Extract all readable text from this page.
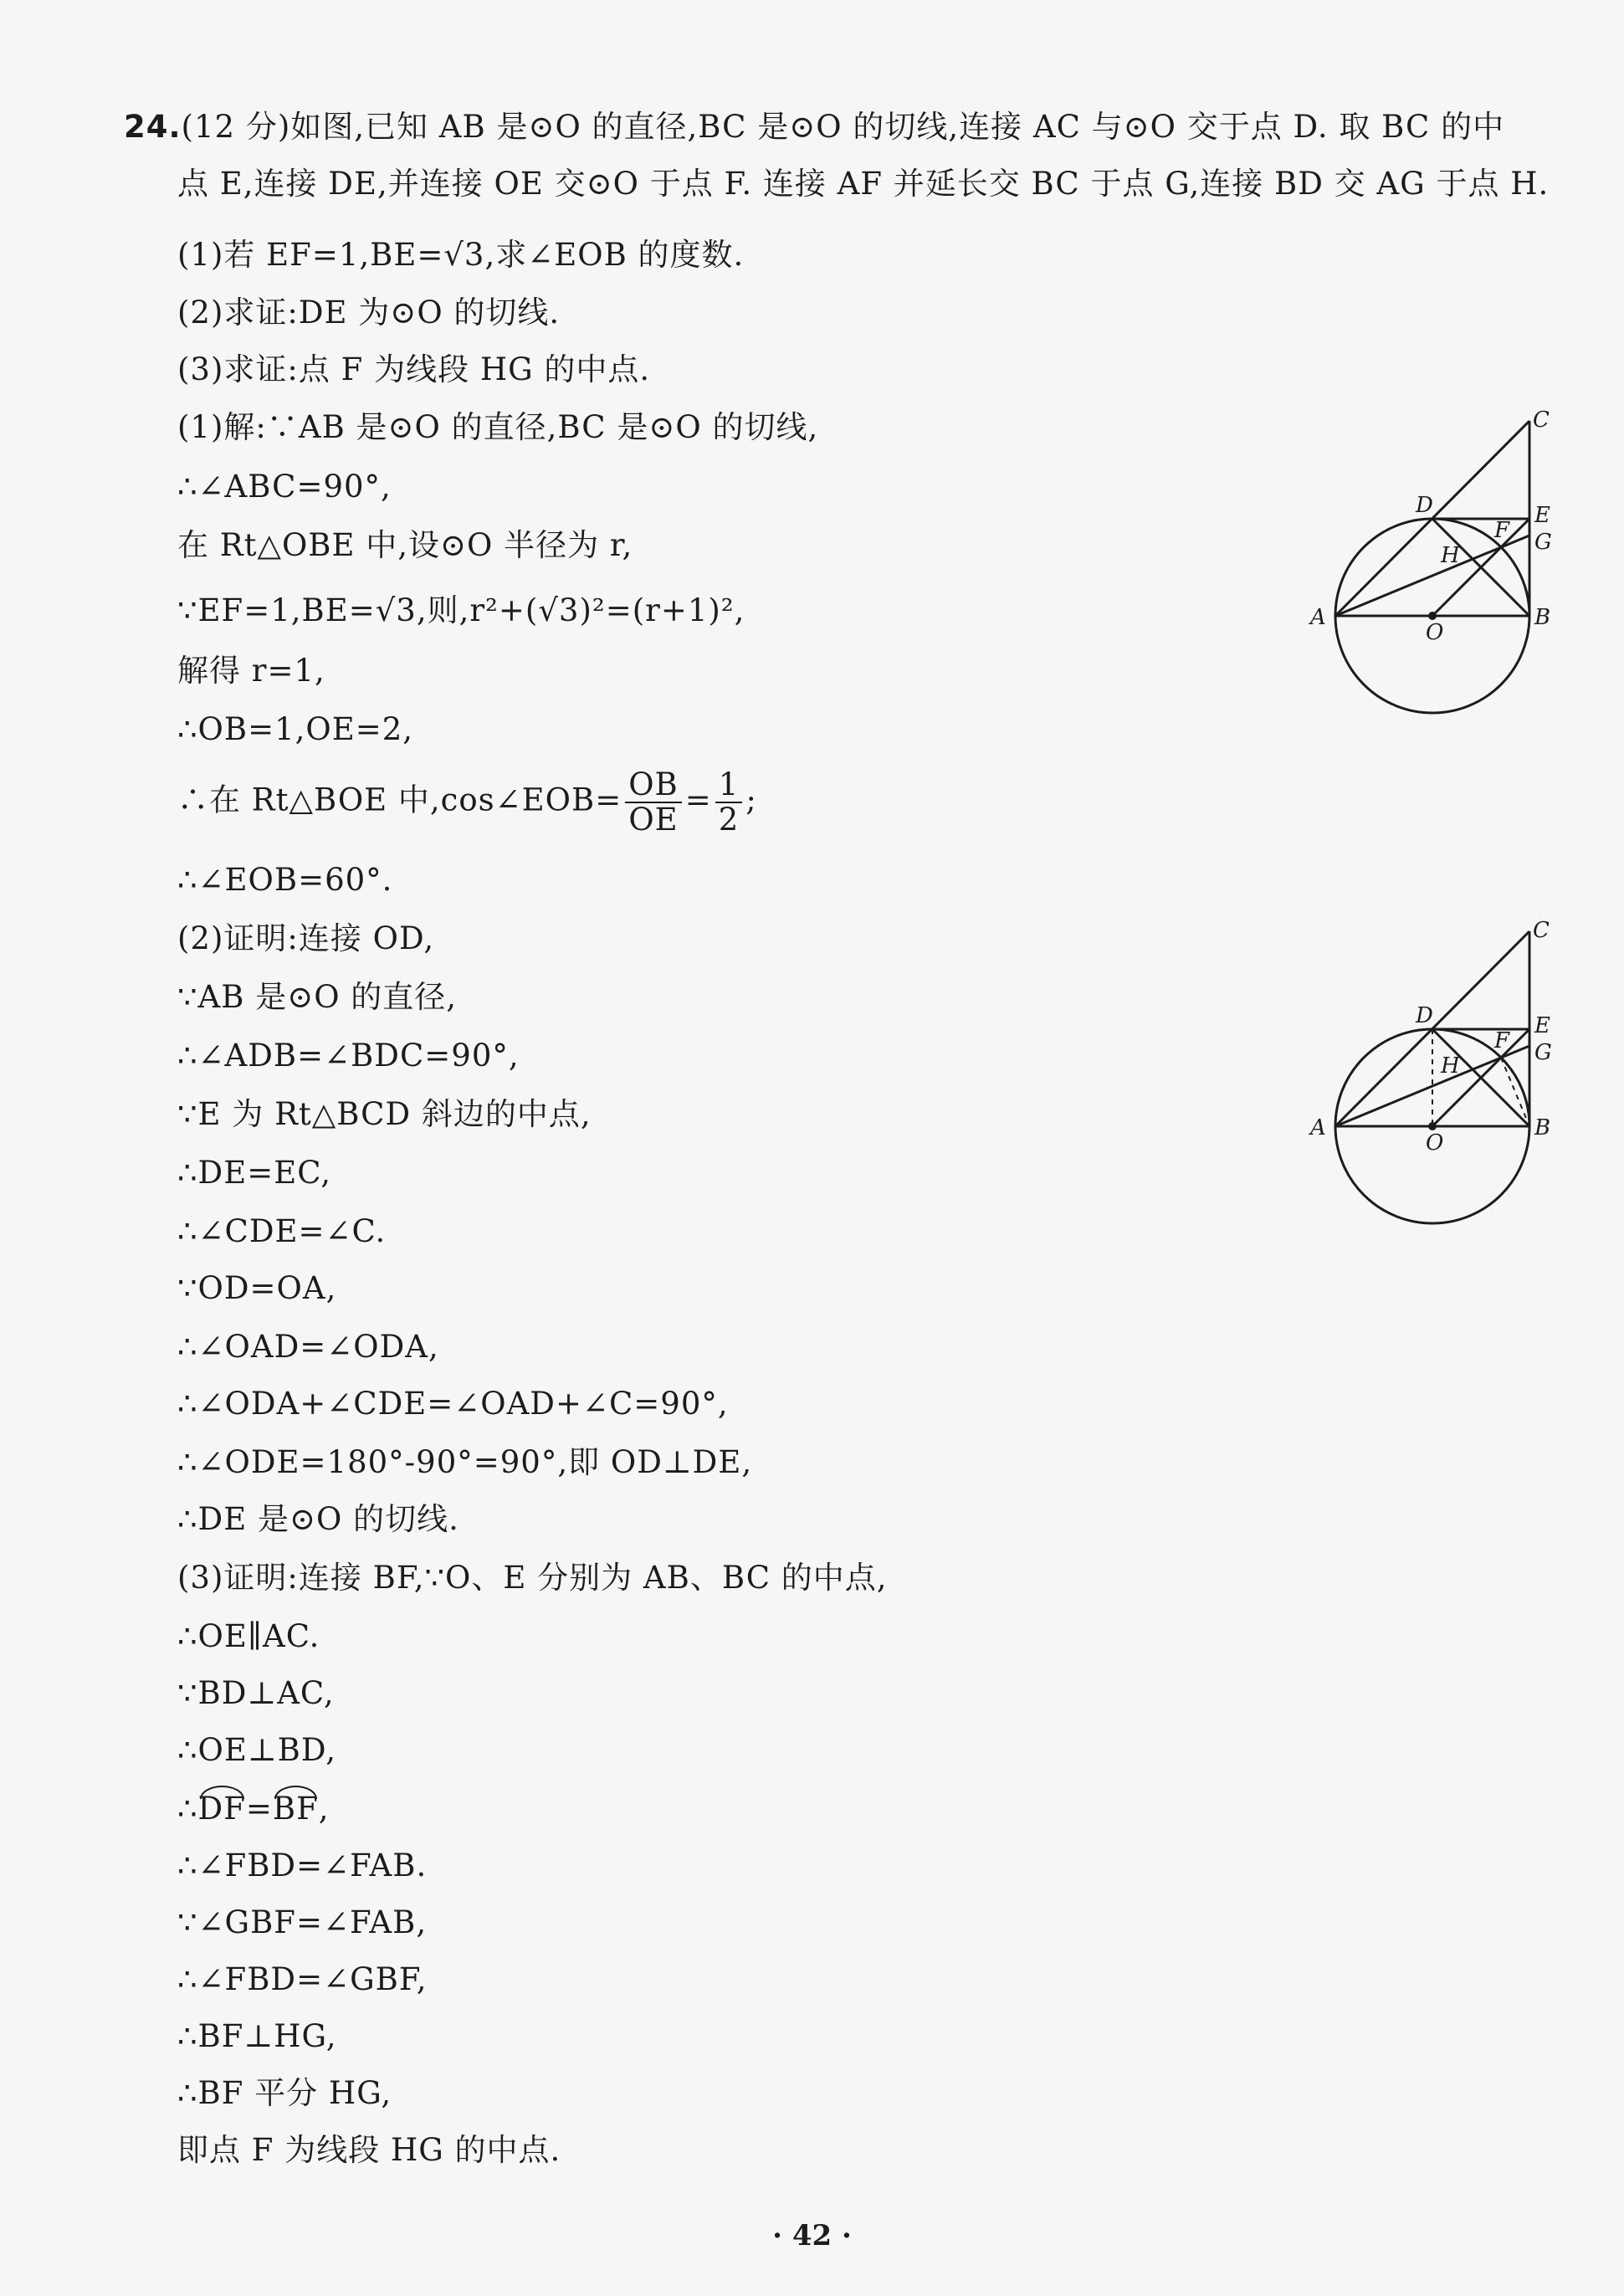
24.(12 分)如图,已知 AB 是⊙O 的直径,BC 是⊙O 的切线,连接 AC 与⊙O 交于点 D. 取 BC 的中
点 E,连接 DE,并连接 OE 交⊙O 于点 F. 连接 AF 并延长交 BC 于点 G,连接 BD 交 AG 于点 H.
(1)若 EF=1,BE=√3,求∠EOB 的度数.
(2)求证:DE 为⊙O 的切线.
(3)求证:点 F 为线段 HG 的中点.
(1)解:∵AB 是⊙O 的直径,BC 是⊙O 的切线,
∴∠ABC=90°,
在 Rt△OBE 中,设⊙O 半径为 r,
∵EF=1,BE=√3,则,r²+(√3)²=(r+1)²,
解得 r=1,
∴OB=1,OE=2,
∴在 Rt△BOE 中,cos∠EOB= $\frac{OB}{OE} = \frac{1}{2}$ ;
∴∠EOB=60°.
(2)证明:连接 OD,
∵AB 是⊙O 的直径,
∴∠ADB=∠BDC=90°,
∵E 为 Rt△BCD 斜边的中点,
∴DE=EC,
∴∠CDE=∠C.
∵OD=OA,
∴∠OAD=∠ODA,
∴∠ODA+∠CDE=∠OAD+∠C=90°,
∴∠ODE=180°-90°=90°,即 OD⊥DE,
∴DE 是⊙O 的切线.
(3)证明:连接 BF,∵O、E 分别为 AB、BC 的中点,
∴OE∥AC.
∵BD⊥AC,
∴OE⊥BD,
∴DF=BF,
∴∠FBD=∠FAB.
∵∠GBF=∠FAB,
∴∠FBD=∠GBF,
∴BF⊥HG,
∴BF 平分 HG,
即点 F 为线段 HG 的中点.
C
D	E
F G
H
A	B
O
C
D	E
F G
H
A	B
O
· 42 ·
